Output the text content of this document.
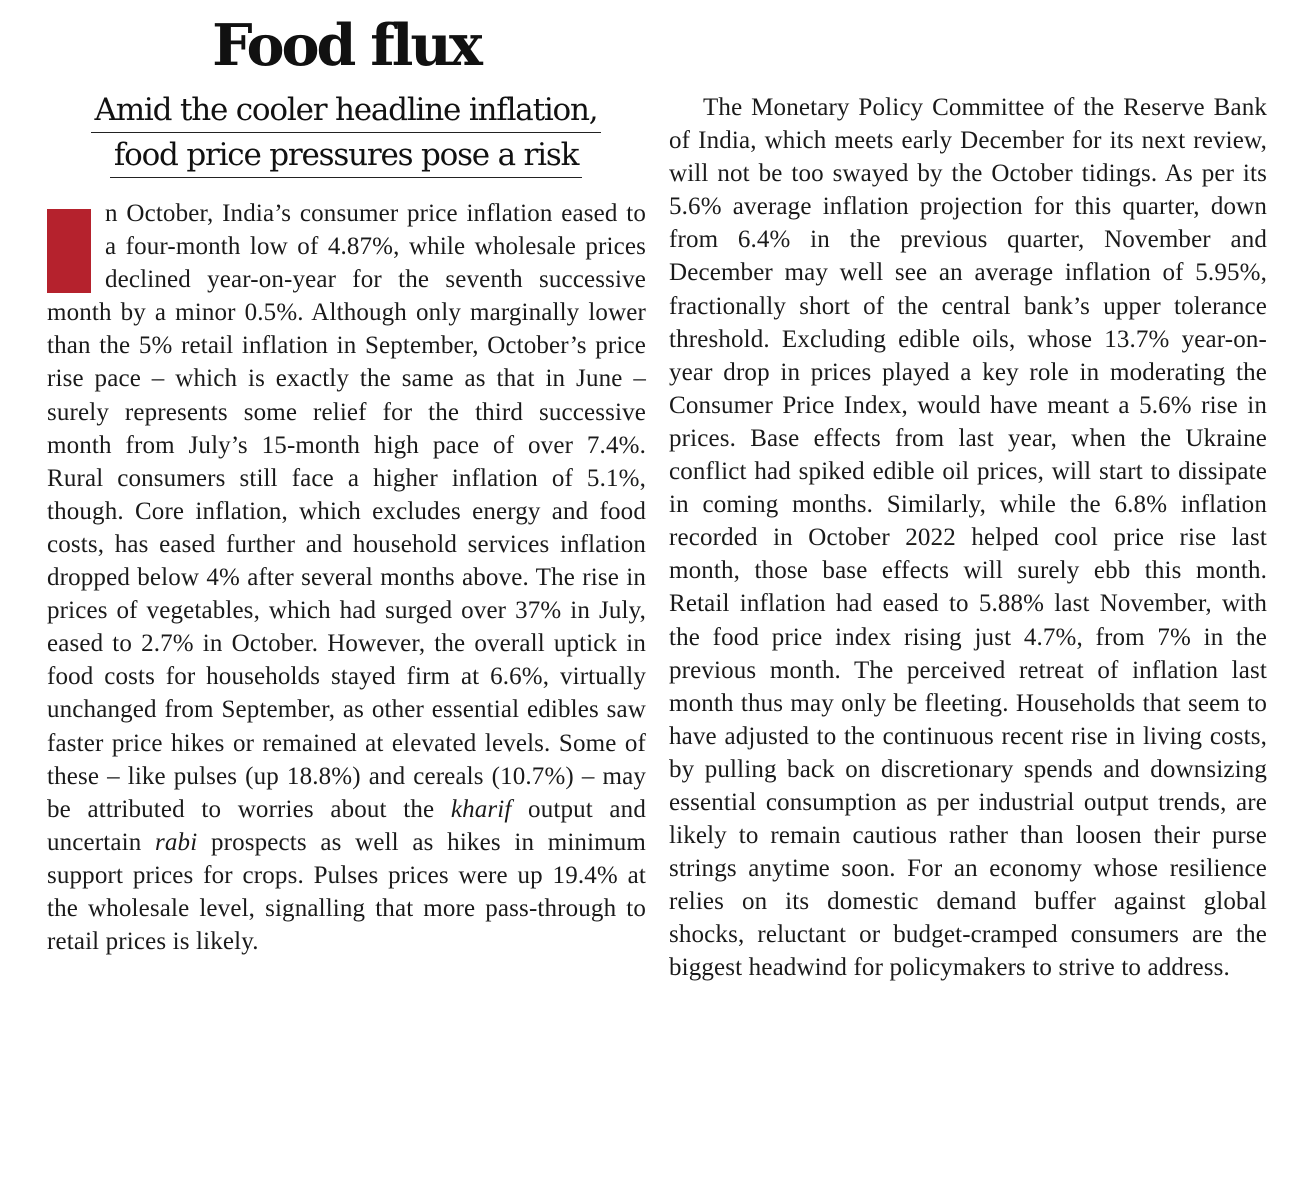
Food flux
Amid the cooler headline inflation,
food price pressures pose a risk
n October, India’s consumer price inflation eased to a four-month low of 4.87%, while wholesale prices declined year-on-year for the seventh successive month by a minor 0.5%. Although only marginally lower than the 5% retail inflation in September, October’s price rise pace – which is exactly the same as that in June – surely represents some relief for the third successive month from July’s 15-month high pace of over 7.4%. Rural consumers still face a higher inflation of 5.1%, though. Core inflation, which excludes energy and food costs, has eased further and household services inflation dropped below 4% after several months above. The rise in prices of vegetables, which had surged over 37% in July, eased to 2.7% in October. However, the overall uptick in food costs for households stayed firm at 6.6%, virtually unchanged from September, as other essential edibles saw faster price hikes or remained at elevated levels. Some of these – like pulses (up 18.8%) and cereals (10.7%) – may be attributed to worries about the kharif output and uncertain rabi prospects as well as hikes in minimum support prices for crops. Pulses prices were up 19.4% at the wholesale level, signalling that more pass-through to retail prices is likely.
The Monetary Policy Committee of the Reserve Bank of India, which meets early December for its next review, will not be too swayed by the October tidings. As per its 5.6% average inflation projection for this quarter, down from 6.4% in the previous quarter, November and December may well see an average inflation of 5.95%, fractionally short of the central bank’s upper tolerance threshold. Excluding edible oils, whose 13.7% year-on-year drop in prices played a key role in moderating the Consumer Price Index, would have meant a 5.6% rise in prices. Base effects from last year, when the Ukraine conflict had spiked edible oil prices, will start to dissipate in coming months. Similarly, while the 6.8% inflation recorded in October 2022 helped cool price rise last month, those base effects will surely ebb this month. Retail inflation had eased to 5.88% last November, with the food price index rising just 4.7%, from 7% in the previous month. The perceived retreat of inflation last month thus may only be fleeting. Households that seem to have adjusted to the continuous recent rise in living costs, by pulling back on discretionary spends and downsizing essential consumption as per industrial output trends, are likely to remain cautious rather than loosen their purse strings anytime soon. For an economy whose resilience relies on its domestic demand buffer against global shocks, reluctant or budget-cramped consumers are the biggest headwind for policymakers to strive to address.
